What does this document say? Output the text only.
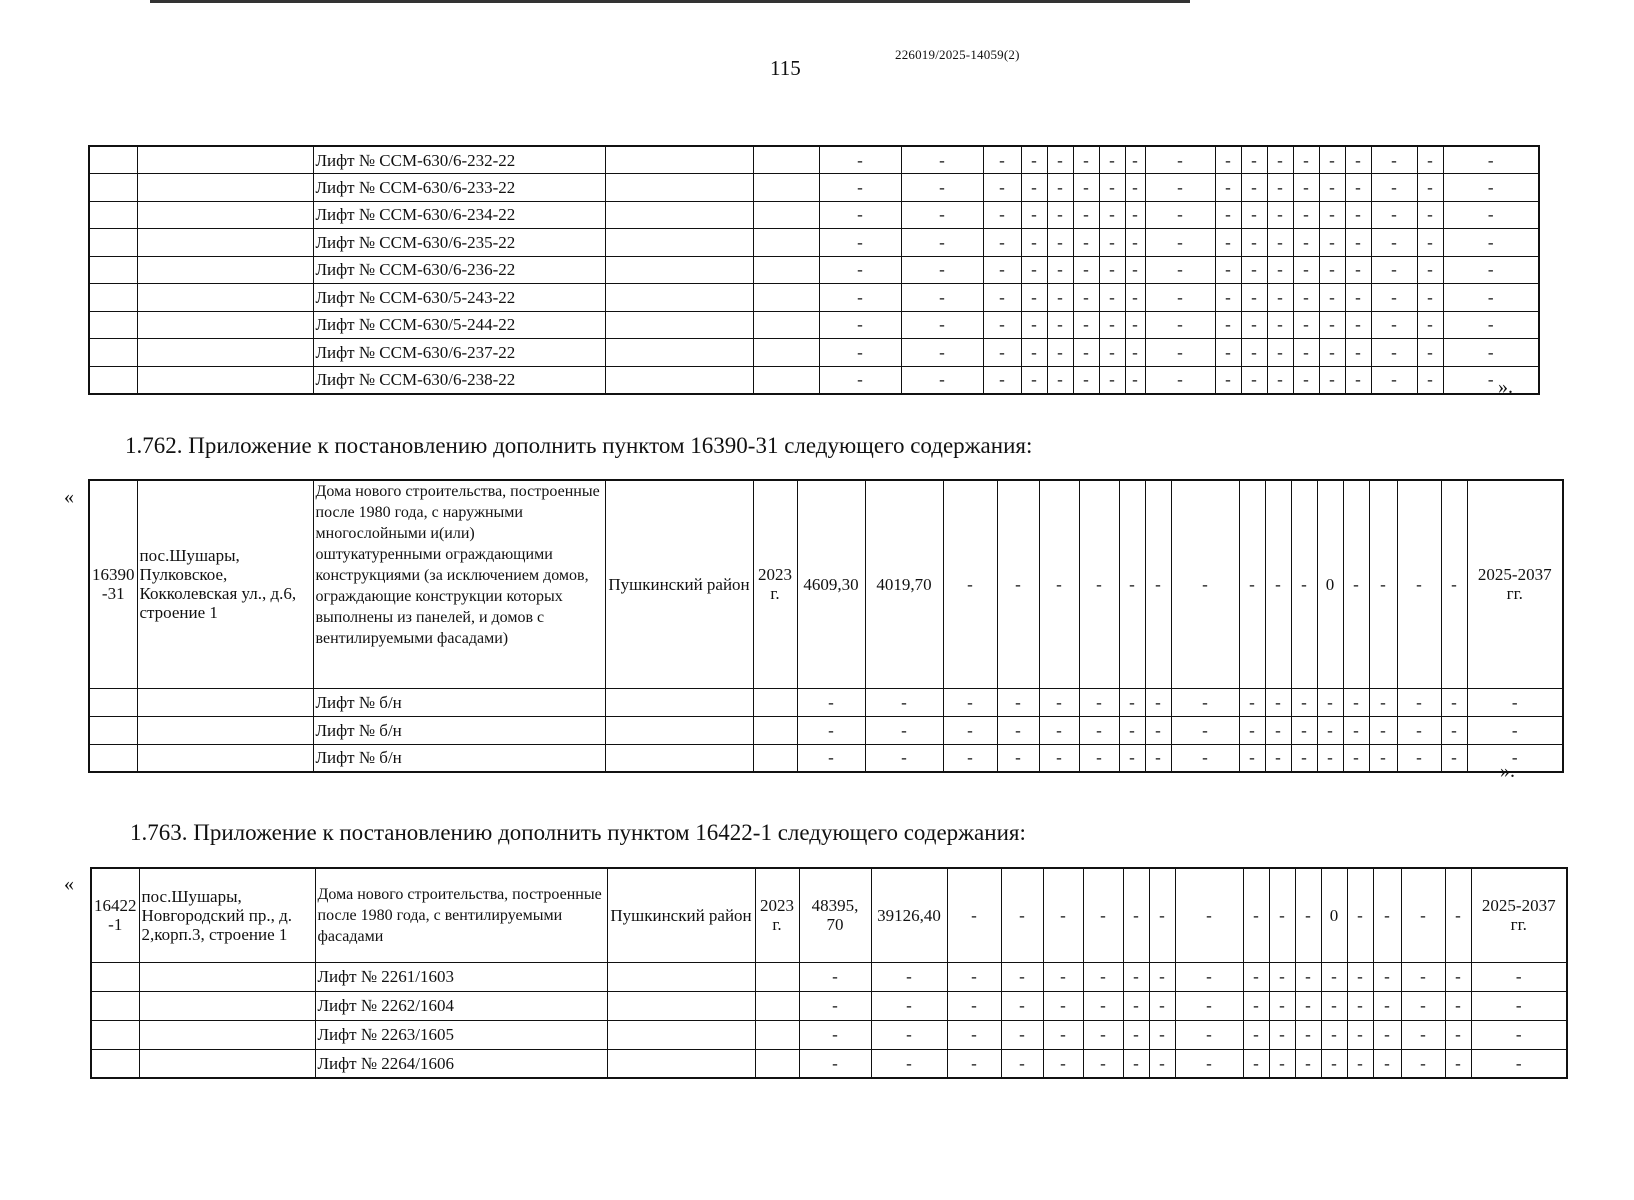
115
226019/2025-14059(2)
		Лифт № ССМ-630/6-232-22			-	-	-	-	-	-	-	-	-	-	-	-	-	-	-	-	-	-
		Лифт № ССМ-630/6-233-22			-	-	-	-	-	-	-	-	-	-	-	-	-	-	-	-	-	-
		Лифт № ССМ-630/6-234-22			-	-	-	-	-	-	-	-	-	-	-	-	-	-	-	-	-	-
		Лифт № ССМ-630/6-235-22			-	-	-	-	-	-	-	-	-	-	-	-	-	-	-	-	-	-
		Лифт № ССМ-630/6-236-22			-	-	-	-	-	-	-	-	-	-	-	-	-	-	-	-	-	-
		Лифт № ССМ-630/5-243-22			-	-	-	-	-	-	-	-	-	-	-	-	-	-	-	-	-	-
		Лифт № ССМ-630/5-244-22			-	-	-	-	-	-	-	-	-	-	-	-	-	-	-	-	-	-
		Лифт № ССМ-630/6-237-22			-	-	-	-	-	-	-	-	-	-	-	-	-	-	-	-	-	-
		Лифт № ССМ-630/6-238-22			-	-	-	-	-	-	-	-	-	-	-	-	-	-	-	-	-	- ».
1.762. Приложение к постановлению дополнить пунктом 16390-31 следующего содержания:
«
16390 -31	пос.Шушары, Пулковское, Кокколевская ул., д.6, строение 1	Дома нового строительства, построенные после 1980 года, с наружными многослойными и(или) оштукатуренными ограждающими конструкциями (за исключением домов, ограждающие конструкции которых выполнены из панелей, и домов с вентилируемыми фасадами)	Пушкинский район	2023 г.	4609,30	4019,70	-	-	-	-	-	-	-	-	-	-	0	-	-	-	-	2025-2037 гг.
		Лифт № б/н			-	-	-	-	-	-	-	-	-	-	-	-	-	-	-	-	-	-
		Лифт № б/н			-	-	-	-	-	-	-	-	-	-	-	-	-	-	-	-	-	-
		Лифт № б/н			-	-	-	-	-	-	-	-	-	-	-	-	-	-	-	-	-	-
».
1.763. Приложение к постановлению дополнить пунктом 16422-1 следующего содержания:
«
16422 -1	пос.Шушары, Новгородский пр., д. 2,корп.3, строение 1	Дома нового строительства, построенные после 1980 года, с вентилируемыми фасадами	Пушкинский район	2023 г.	48395, 70	39126,40	-	-	-	-	-	-	-	-	-	-	0	-	-	-	-	2025-2037 гг.
		Лифт № 2261/1603			-	-	-	-	-	-	-	-	-	-	-	-	-	-	-	-	-	-
		Лифт № 2262/1604			-	-	-	-	-	-	-	-	-	-	-	-	-	-	-	-	-	-
		Лифт № 2263/1605			-	-	-	-	-	-	-	-	-	-	-	-	-	-	-	-	-	-
		Лифт № 2264/1606			-	-	-	-	-	-	-	-	-	-	-	-	-	-	-	-	-	-
